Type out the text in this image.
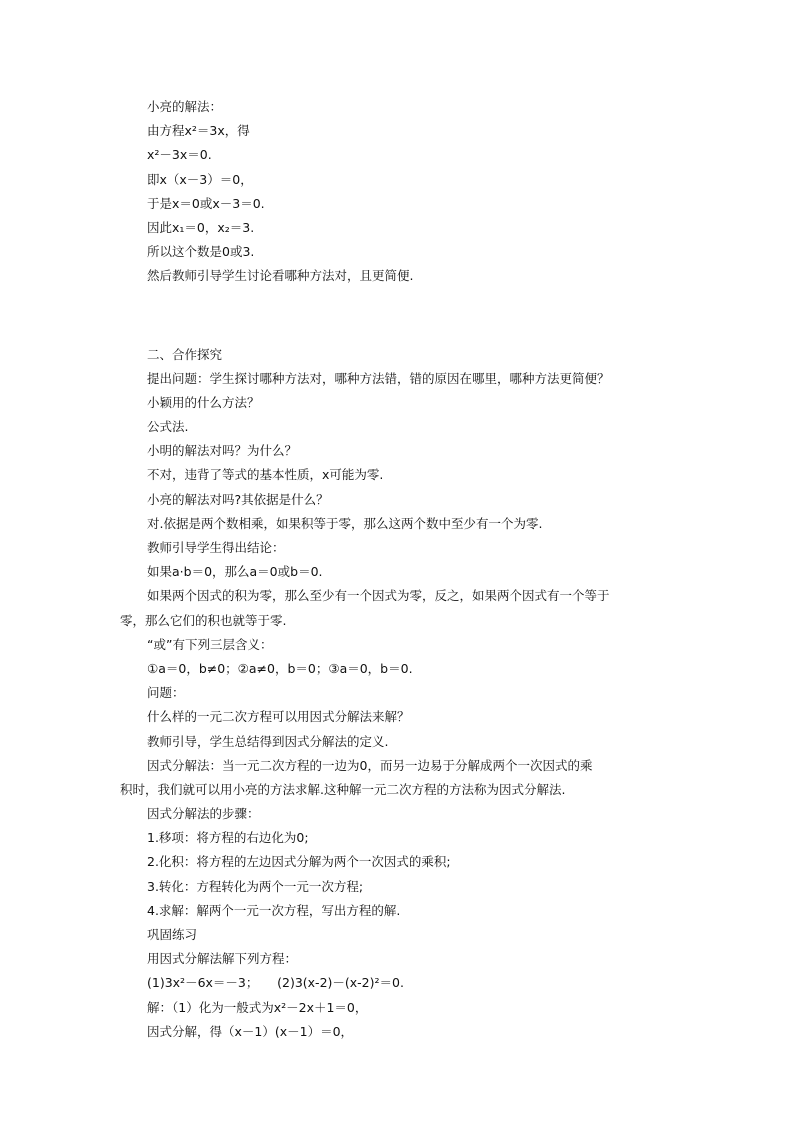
小亮的解法：

由方程x²＝3x，得

x²－3x＝0.

即x（x－3）＝0，

于是x＝0或x－3＝0.

因此x₁＝0，x₂＝3.

所以这个数是0或3.

然后教师引导学生讨论看哪种方法对，且更简便.

二、合作探究

提出问题：学生探讨哪种方法对，哪种方法错，错的原因在哪里，哪种方法更简便？

小颖用的什么方法？

公式法.

小明的解法对吗？为什么？

不对，违背了等式的基本性质，x可能为零.

小亮的解法对吗?其依据是什么？

对.依据是两个数相乘，如果积等于零，那么这两个数中至少有一个为零.

教师引导学生得出结论：

如果a·b＝0，那么a＝0或b＝0.

如果两个因式的积为零，那么至少有一个因式为零，反之，如果两个因式有一个等于

零，那么它们的积也就等于零.

“或”有下列三层含义：

①a＝0，b≠0；②a≠0，b＝0；③a＝0，b＝0.

问题：

什么样的一元二次方程可以用因式分解法来解？

教师引导，学生总结得到因式分解法的定义.

因式分解法：当一元二次方程的一边为0，而另一边易于分解成两个一次因式的乘

积时，我们就可以用小亮的方法求解.这种解一元二次方程的方法称为因式分解法.

因式分解法的步骤：

1.移项：将方程的右边化为0;

2.化积：将方程的左边因式分解为两个一次因式的乘积;

3.转化：方程转化为两个一元一次方程;

4.求解：解两个一元一次方程，写出方程的解.

巩固练习

用因式分解法解下列方程：

(1)3x²－6x＝－3；　　(2)3(x-2)－(x-2)²＝0.

解：（1）化为一般式为x²－2x＋1＝0，

因式分解，得（x－1）(x－1）＝0，
